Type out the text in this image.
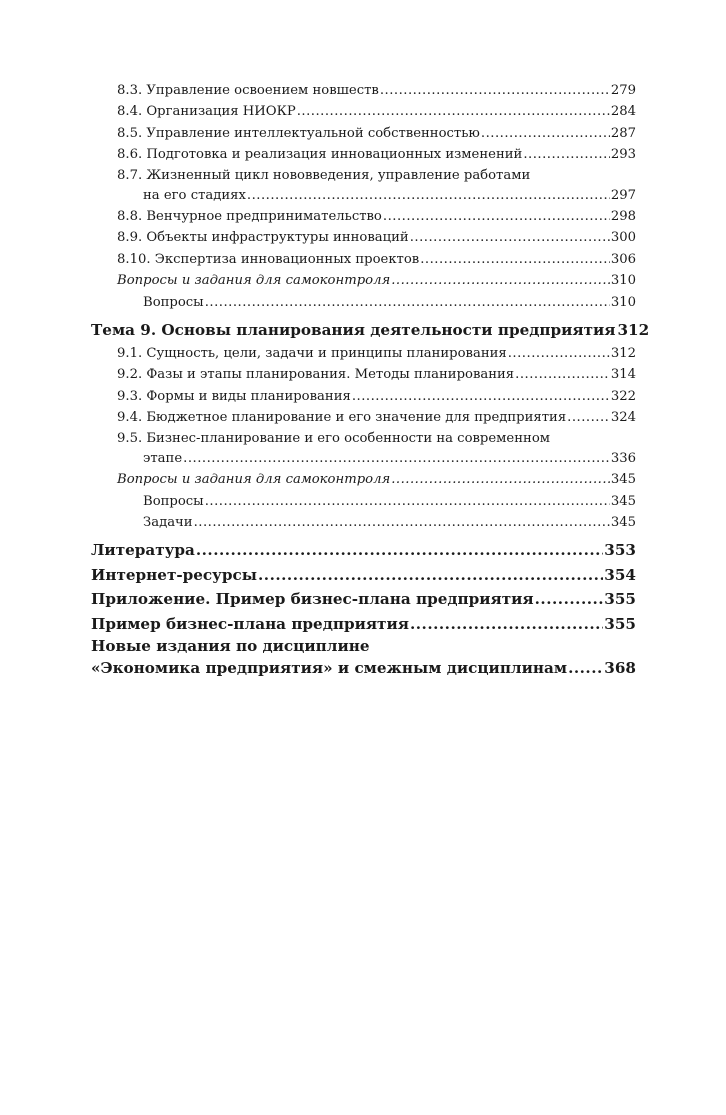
8.3. Управление освоением новшеств .....	279
8.4. Организация НИОКР .....	284
8.5. Управление интеллектуальной собственностью .....	287
8.6. Подготовка и реализация инновационных изменений .....	293
8.7. Жизненный цикл нововведения, управление работами
на его стадиях .....	297
8.8. Венчурное предпринимательство .....	298
8.9. Объекты инфраструктуры инноваций .....	300
8.10. Экспертиза инновационных проектов .....	306
Вопросы и задания для самоконтроля .....	310
Вопросы .....	310
Тема 9. Основы планирования деятельности предприятия 312
9.1. Сущность, цели, задачи и принципы планирования .....	312
9.2. Фазы и этапы планирования. Методы планирования .....	314
9.3. Формы и виды планирования .....	322
9.4. Бюджетное планирование и его значение для предприятия .....	324
9.5. Бизнес-планирование и его особенности на современном
этапе .....	336
Вопросы и задания для самоконтроля .....	345
Вопросы .....	345
Задачи .....	345
Литература .....	353
Интернет-ресурсы .....	354
Приложение. Пример бизнес-плана предприятия .....	355
Пример бизнес-плана предприятия .....	355
Новые издания по дисциплине
«Экономика предприятия» и смежным дисциплинам ..... 368
